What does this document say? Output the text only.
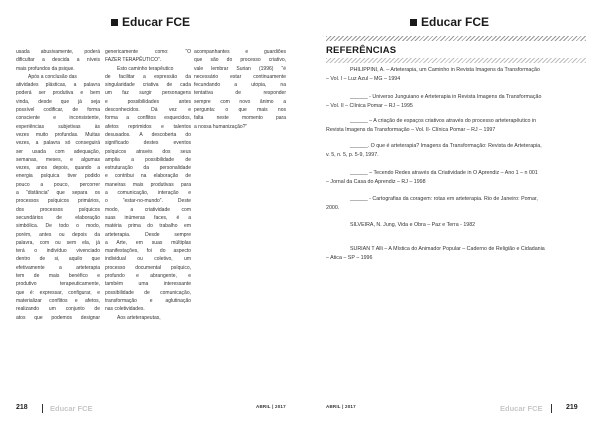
Educar FCE
usada abusivamente, poderá
dificultar a descida a níveis
mais profundos da psique.
Após a conclusão das
atividades plásticas, a palavra
poderá ser produtiva e bem
vinda, desde que já seja
possível codificar, de forma
consciente e inconsistente,
experiências subjetivas às
vezes muito profundas. Muitas
vezes, a palavra só conseguirá
ser usada com adequação,
semanas, meses, e algumas
vezes, anos depois, quando a
energia psíquica tiver podido
pouco a pouco, percorrer
a “distância” que separa os
processos psíquicos primários,
dos processos psíquicos
secundários de elaboração
simbólica. De todo o modo,
porém, antes ou depois da
palavra, com ou sem ela, já
terá o indivíduo vivenciado
dentro de si, aquilo que
efetivamente a arteterapia
tem de mais benéfico e
produtivo terapeuticamente,
que é: expressar, configurar, e
materializar conflitos e afetos,
realizando um conjunto de
atos que podemos designar
genericamente como: “O
FAZER TERAPÊUTICO”.
Esto caminho terapêutico
de facilitar a expressão da
singularidade criativa de cada
um faz surgir personagens
e possibilidades antes
desconhecidos. Dá vez e
forma a conflitos esquecidos,
afetos reprimidos e talentos
desusados. A descoberta do
significado destes eventos
psíquicos através dos seus
amplia a possibilidade de
estruturação da personalidade
e contribui na elaboração de
maneiras mais produtivas para
a comunicação, interação e
o “estar-no-mundo”. Deste
modo, a criatividade com
suas inúmeras faces, é a
matéria prima do trabalho em
arteterapia. Desde sempre
a Arte, em suas múltiplas
manifestações, foi do aspecto
individual ou coletivo, um
processo documental psíquico,
profundo e abrangente, e
também uma interessante
possibilidade de comunicação,
transformação e aglutinação
nas coletividades.
Aos arteterapeutas,
acompanhantes e guardiões
que são do processo criativo,
vale lembrar Surian (1996) “é
necessário estar continuamente
fecundando a utopia, na
tentativa de responder
sempre com novo ânimo a
pergunta: o que mais nos
falta neste momento para
a nossa humanização?”
Educar FCE
REFERÊNCIAS
PHILIPPINI, A. – Arteterapia, um Caminho in Revista Imagens da Transformação
– Vol. I – Luz Azul – MG – 1994
______ - Universo Junguiano e Arteterapia in Revista Imagens da Transformação
– Vol. II – Clínica Pomar – RJ – 1995
______ – A criação de espaços criativos através do processo arteterapêutico in
Revista Imagens da Transformação – Vol. II- Clínica Pomar – RJ – 1997
______. O que é arteterapia? Imagens da Transformação: Revista de Arteterapia,
v. 5, n. 5, p. 5-9, 1997.
______ – Tecendo Redes através da Criatividade in O Aprendiz – Ano 1 – n 001
– Jornal da Casa do Aprendiz – RJ – 1998
______ - Cartografias da coragem: rotas em arteterapia. Rio de Janeiro: Pomar,
2000.
SILVEIRA, N. Jung, Vida e Obra – Paz e Terra - 1982
SURIAN T Alli – A Mística do Animador Popular – Caderno de Religião e Cidadania
– Atica – SP – 1996
218	Educar FCE	ABRIL | 2017	ABRIL | 2017	Educar FCE	219
